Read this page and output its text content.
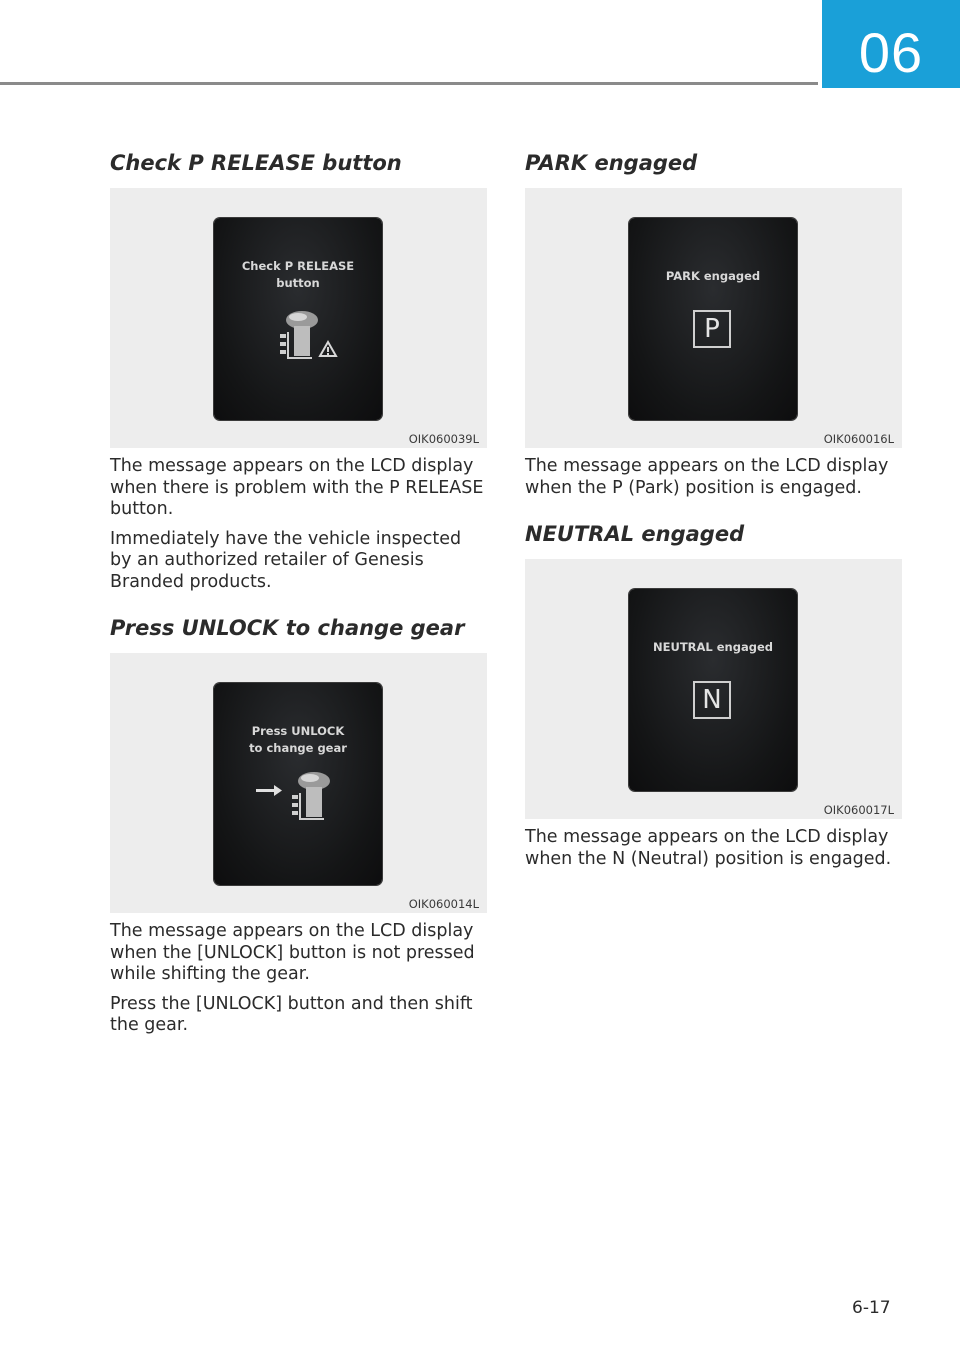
06
Check P RELEASE button
Check P RELEASE
button
OIK060039L

The message appears on the LCD display when there is problem with the P RELEASE button.

Immediately have the vehicle inspected by an authorized retailer of Genesis Branded products.

Press UNLOCK to change gear
Press UNLOCK
to change gear
OIK060014L

The message appears on the LCD display when the [UNLOCK] button is not pressed while shifting the gear.

Press the [UNLOCK] button and then shift the gear.

PARK engaged
PARK engaged
P
OIK060016L

The message appears on the LCD display when the P (Park) position is engaged.

NEUTRAL engaged
NEUTRAL engaged
N
OIK060017L

The message appears on the LCD display when the N (Neutral) position is engaged.

6-17
